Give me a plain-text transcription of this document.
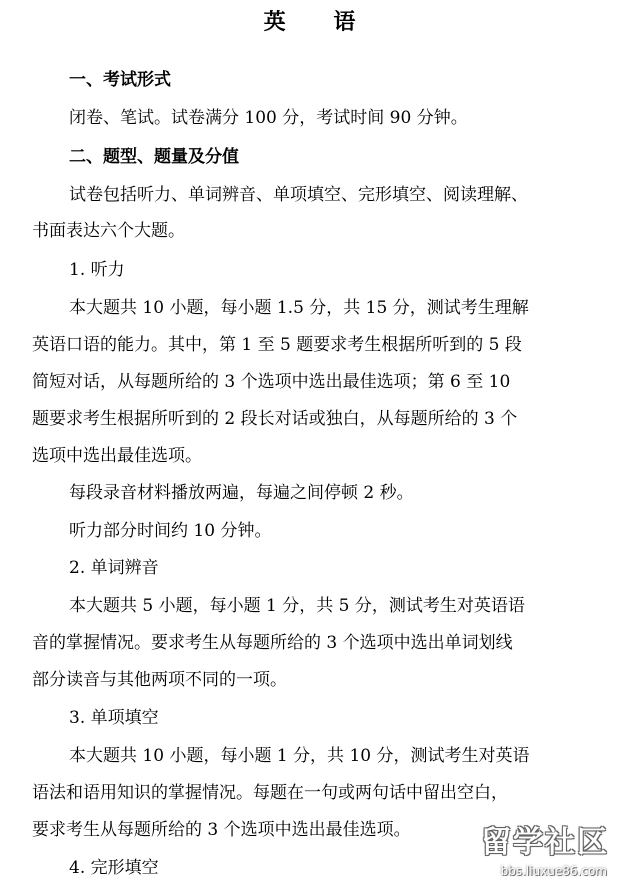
英 语
一、考试形式
闭卷、笔试。试卷满分 100 分，考试时间 90 分钟。
二、题型、题量及分值
试卷包括听力、单词辨音、单项填空、完形填空、阅读理解、
书面表达六个大题。
1. 听力
本大题共 10 小题，每小题 1.5 分，共 15 分，测试考生理解
英语口语的能力。其中，第 1 至 5 题要求考生根据所听到的 5 段
简短对话，从每题所给的 3 个选项中选出最佳选项；第 6 至 10
题要求考生根据所听到的 2 段长对话或独白，从每题所给的 3 个
选项中选出最佳选项。
每段录音材料播放两遍，每遍之间停顿 2 秒。
听力部分时间约 10 分钟。
2. 单词辨音
本大题共 5 小题，每小题 1 分，共 5 分，测试考生对英语语
音的掌握情况。要求考生从每题所给的 3 个选项中选出单词划线
部分读音与其他两项不同的一项。
3. 单项填空
本大题共 10 小题，每小题 1 分，共 10 分，测试考生对英语
语法和语用知识的掌握情况。每题在一句或两句话中留出空白，
要求考生从每题所给的 3 个选项中选出最佳选项。
4. 完形填空
留学社区
bbs.liuxue86.com
